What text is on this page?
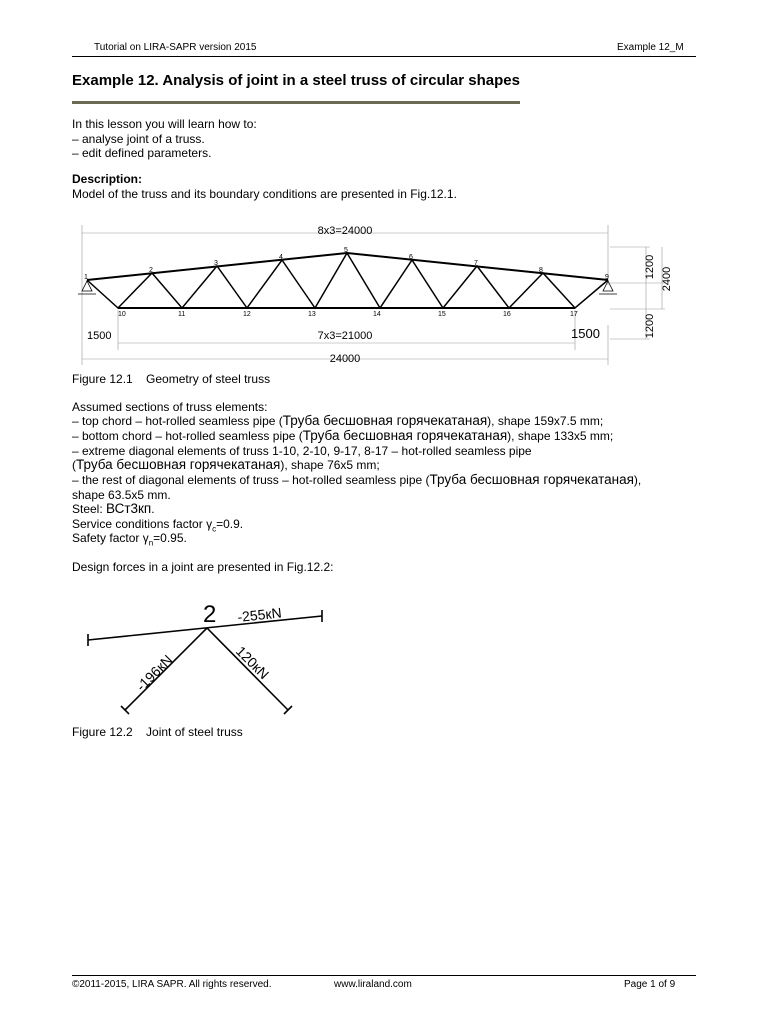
Tutorial on LIRA-SAPR version 2015	Example 12_M
Example 12. Analysis of joint in a steel truss of circular shapes
In this lesson you will learn how to:
– analyse joint of a truss.
– edit defined parameters.
Description:
Model of the truss and its boundary conditions are presented in Fig.12.1.
8x3=24000
7x3=21000
24000
1500	1500
1200 2400
1200
1
2
3
4
5
6
7
8
9
10	11	12	13	14	15	16	17
Figure 12.1 Geometry of steel truss
Assumed sections of truss elements:
– top chord – hot-rolled seamless pipe (Труба бесшовная горячекатаная), shape 159x7.5 mm;
– bottom chord – hot-rolled seamless pipe (Труба бесшовная горячекатаная), shape 133x5 mm;
– extreme diagonal elements of truss 1-10, 2-10, 9-17, 8-17 – hot-rolled seamless pipe
(Труба бесшовная горячекатаная), shape 76x5 mm;
– the rest of diagonal elements of truss – hot-rolled seamless pipe (Труба бесшовная горячекатаная),
shape 63.5x5 mm.
Steel: ВСт3кп.
Service conditions factor $\gamma_c=0.9$.
Safety factor $\gamma_n=0.95$.
Design forces in a joint are presented in Fig.12.2:
2 -255кN
-196кN	120кN
Figure 12.2 Joint of steel truss
©2011-2015, LIRA SAPR. All rights reserved.	www.liraland.com	Page 1 of 9
